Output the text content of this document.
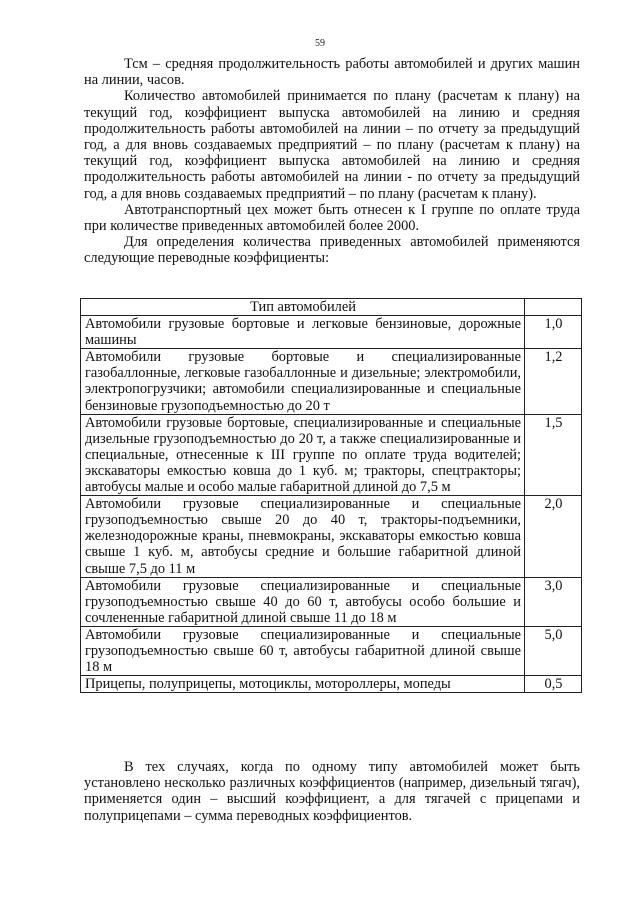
59

Тсм – средняя продолжительность работы автомобилей и других машин на линии, часов.

Количество автомобилей принимается по плану (расчетам к плану) на текущий год, коэффициент выпуска автомобилей на линию и средняя продолжительность работы автомобилей на линии – по отчету за предыдущий год, а для вновь создаваемых предприятий – по плану (расчетам к плану) на текущий год, коэффициент выпуска автомобилей на линию и средняя продолжительность работы автомобилей на линии - по отчету за предыдущий год, а для вновь создаваемых предприятий – по плану (расчетам к плану).

Автотранспортный цех может быть отнесен к I группе по оплате труда при количестве приведенных автомобилей более 2000.

Для определения количества приведенных автомобилей применяются следующие переводные коэффициенты:

Тип автомобилей	
Автомобили грузовые бортовые и легковые бензиновые, дорожные машины	1,0
Автомобили грузовые бортовые и специализированные газобаллонные, легковые газобаллонные и дизельные; электромобили, электропогрузчики; автомобили специализированные и специальные бензиновые грузоподъемностью до 20 т	1,2
Автомобили грузовые бортовые, специализированные и специальные дизельные грузоподъемностью до 20 т, а также специализированные и специальные, отнесенные к III группе по оплате труда водителей; экскаваторы емкостью ковша до 1 куб. м; тракторы, спецтракторы; автобусы малые и особо малые габаритной длиной до 7,5 м	1,5
Автомобили грузовые специализированные и специальные грузоподъемностью свыше 20 до 40 т, тракторы-подъемники, железнодорожные краны, пневмокраны, экскаваторы емкостью ковша свыше 1 куб. м, автобусы средние и большие габаритной длиной свыше 7,5 до 11 м	2,0
Автомобили грузовые специализированные и специальные грузоподъемностью свыше 40 до 60 т, автобусы особо большие и сочлененные габаритной длиной свыше 11 до 18 м	3,0
Автомобили грузовые специализированные и специальные грузоподъемностью свыше 60 т, автобусы габаритной длиной свыше 18 м	5,0
Прицепы, полуприцепы, мотоциклы, мотороллеры, мопеды	0,5

В тех случаях, когда по одному типу автомобилей может быть установлено несколько различных коэффициентов (например, дизельный тягач), применяется один – высший коэффициент, а для тягачей с прицепами и полуприцепами – сумма переводных коэффициентов.
